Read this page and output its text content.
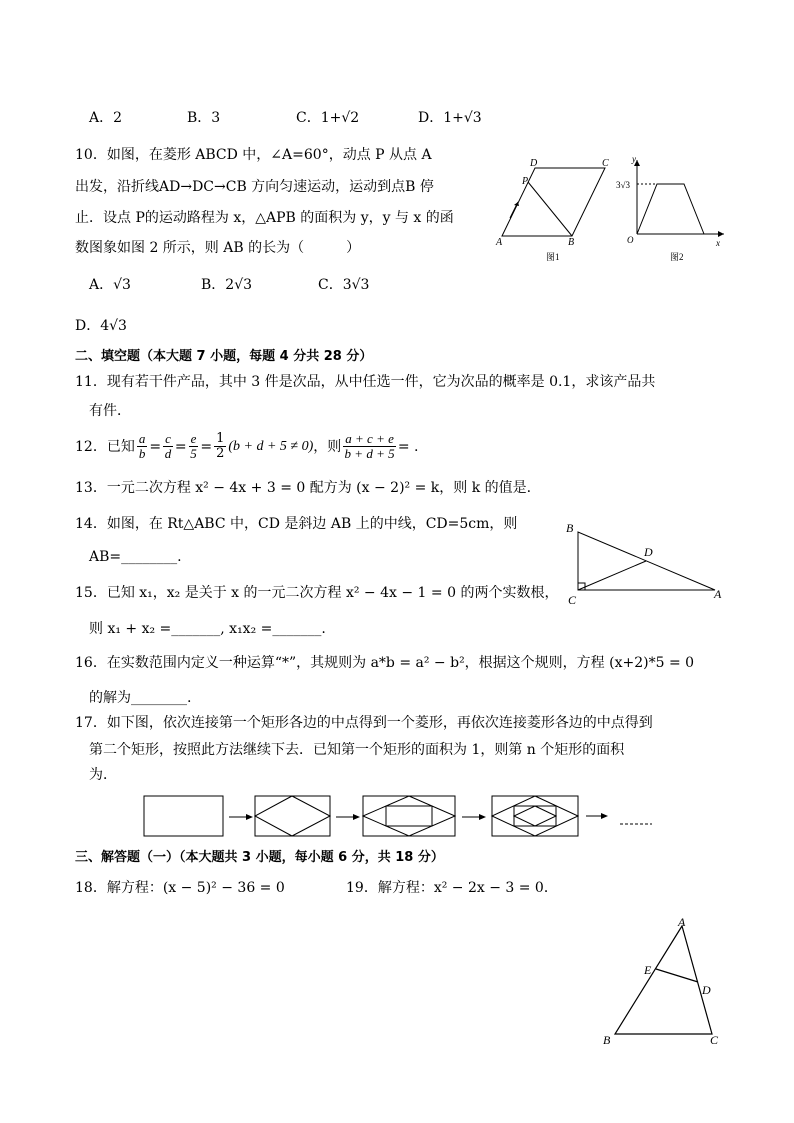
A．2	B．3	C．1+√2	D．1+√3
10．如图，在菱形 ABCD 中，∠A=60°，动点 P 从点 A
出发，沿折线AD→DC→CB 方向匀速运动，运动到点B 停
止．设点 P的运动路程为 x，△APB 的面积为 y，y 与 x 的函
数图象如图 2 所示，则 AB 的长为（　　　）
A．√3	B．2√3	C．3√3
D．4√3
D	C
P
A	B
图1
y
x
O
3√3
图2
二、填空题（本大题 7 小题，每题 4 分共 28 分）
11．现有若干件产品，其中 3 件是次品，从中任选一件，它为次品的概率是 0.1，求该产品共
有件．
12．已知 $\frac{a}{b} = \frac{c}{d} = \frac{e}{5} = \frac{1}{2} (b + d + 5 \ne 0)$ ，则 $\frac{a + c + e}{b + d + 5}$ = .
13．一元二次方程 x² − 4x + 3 = 0 配方为 (x − 2)² = k，则 k 的值是.
14．如图，在 Rt△ABC 中，CD 是斜边 AB 上的中线，CD=5cm，则
AB=________.
B
D
C	A
15．已知 x₁，x₂ 是关于 x 的一元二次方程 x² − 4x − 1 = 0 的两个实数根，
则 x₁ + x₂ =_______, x₁x₂ =_______.
16．在实数范围内定义一种运算“*”，其规则为 a*b = a² − b²，根据这个规则，方程 (x+2)*5 = 0
的解为________.
17．如下图，依次连接第一个矩形各边的中点得到一个菱形，再依次连接菱形各边的中点得到
第二个矩形，按照此方法继续下去．已知第一个矩形的面积为 1，则第 n 个矩形的面积
为．
三、解答题（一）（本大题共 3 小题，每小题 6 分，共 18 分）
18．解方程：(x − 5)² − 36 = 0	19．解方程：x² − 2x − 3 = 0．
A
E
D
B	C
